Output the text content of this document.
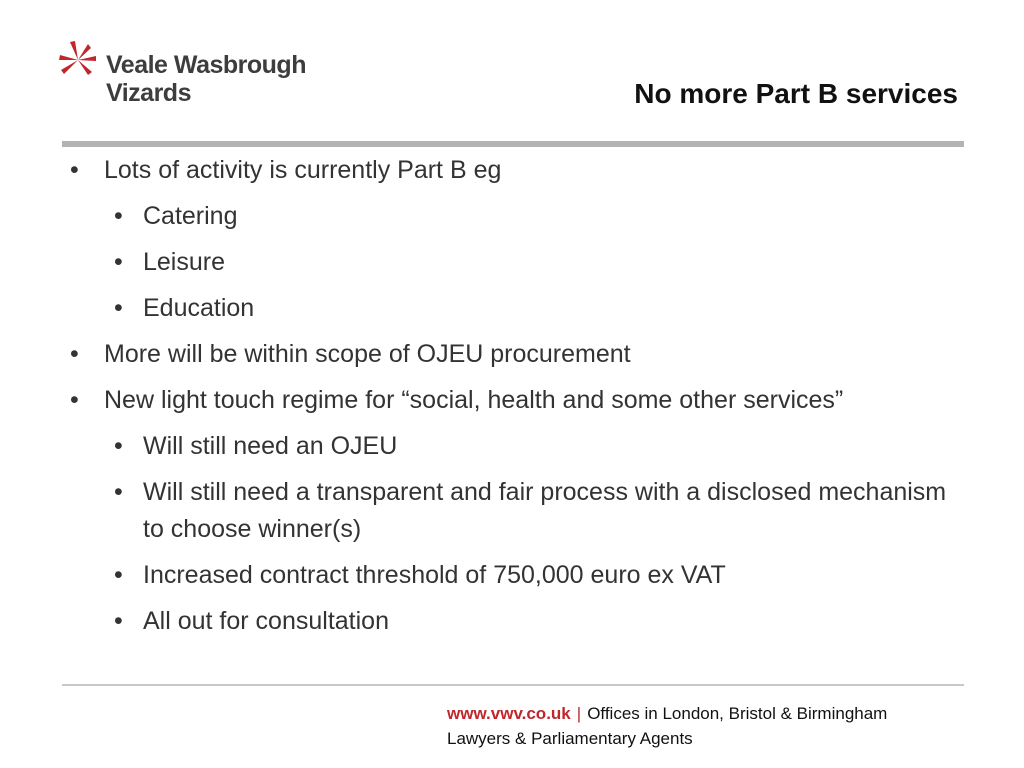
Veale Wasbrough
Vizards	No more Part B services
• Lots of activity is currently Part B eg
• Catering
• Leisure
• Education
• More will be within scope of OJEU procurement
• New light touch regime for “social, health and some other services”
• Will still need an OJEU
• Will still need a transparent and fair process with a disclosed mechanism to choose winner(s)
• Increased contract threshold of 750,000 euro ex VAT
• All out for consultation
www.vwv.co.uk | Offices in London, Bristol & Birmingham
Lawyers & Parliamentary Agents
